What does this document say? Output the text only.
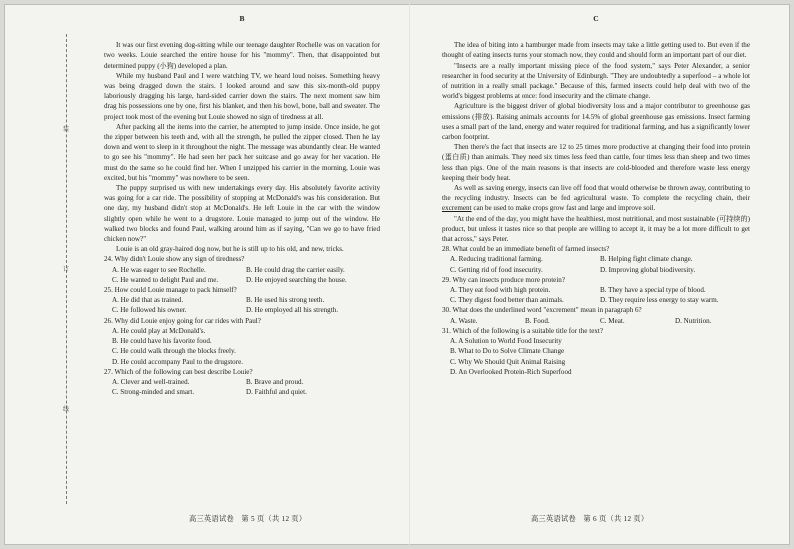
装
订
线
B

It was our first evening dog-sitting while our teenage daughter Rochelle was on vacation for two weeks. Louie searched the entire house for his "mommy". Then, that disappointed but determined puppy (小狗) developed a plan.

While my husband Paul and I were watching TV, we heard loud noises. Something heavy was being dragged down the stairs. I looked around and saw this six-month-old puppy laboriously dragging his large, hard-sided carrier down the stairs. The next moment saw him drag his possessions one by one, first his blanket, and then his bowl, bone, ball and sweater. The project took most of the evening but Louie showed no sign of tiredness at all.

After packing all the items into the carrier, he attempted to jump inside. Once inside, he got the zipper between his teeth and, with all the strength, he pulled the zipper closed. Then he lay down and went to sleep in it throughout the night. The message was abundantly clear. He wanted to go see his "mommy". He had seen her pack her suitcase and go away for her vacation. He must do the same so he could find her. When I unzipped his carrier in the morning, Louie was excited, but his "mommy" was nowhere to be seen.

The puppy surprised us with new undertakings every day. His absolutely favorite activity was going for a car ride. The possibility of stopping at McDonald's was his consideration. But one day, my husband didn't stop at McDonald's. He left Louie in the car with the window slightly open while he went to a drugstore. Louie managed to jump out of the window. He walked two blocks and found Paul, walking around him as if saying, "Can we go to have fried chicken now?"

Louie is an old gray-haired dog now, but he is still up to his old, and new, tricks.

24. Why didn't Louie show any sign of tiredness?
A. He was eager to see Rochelle.	B. He could drag the carrier easily.
C. He wanted to delight Paul and me.	D. He enjoyed searching the house.
25. How could Louie manage to pack himself?
A. He did that as trained.	B. He used his strong teeth.
C. He followed his owner.	D. He employed all his strength.
26. Why did Louie enjoy going for car rides with Paul?
A. He could play at McDonald's.
B. He could have his favorite food.
C. He could walk through the blocks freely.
D. He could accompany Paul to the drugstore.
27. Which of the following can best describe Louie?
A. Clever and well-trained.	B. Brave and proud.
C. Strong-minded and smart.	D. Faithful and quiet.
高三英语试卷　第 5 页（共 12 页）
C

The idea of biting into a hamburger made from insects may take a little getting used to. But even if the thought of eating insects turns your stomach now, they could and should form an important part of our diet.

"Insects are a really important missing piece of the food system," says Peter Alexander, a senior researcher in food security at the University of Edinburgh. "They are undoubtedly a superfood – a whole lot of nutrition in a really small package." Because of this, farmed insects could help deal with two of the world's biggest problems at once: food insecurity and the climate change.

Agriculture is the biggest driver of global biodiversity loss and a major contributor to greenhouse gas emissions (排放). Raising animals accounts for 14.5% of global greenhouse gas emissions. Insect farming uses a small part of the land, energy and water required for traditional farming, and has a significantly lower carbon footprint.

Then there's the fact that insects are 12 to 25 times more productive at changing their food into protein (蛋白质) than animals. They need six times less feed than cattle, four times less than sheep and two times less than pigs. One of the main reasons is that insects are cold-blooded and therefore waste less energy keeping their body heat.

As well as saving energy, insects can live off food that would otherwise be thrown away, contributing to the recycling industry. Insects can be fed agricultural waste. To complete the recycling chain, their excrement can be used to make crops grow fast and large and improve soil.

"At the end of the day, you might have the healthiest, most nutritional, and most sustainable (可持续的) product, but unless it tastes nice so that people are willing to accept it, it may be a lot more difficult to get that across," says Peter.

28. What could be an immediate benefit of farmed insects?
A. Reducing traditional farming.	B. Helping fight climate change.
C. Getting rid of food insecurity.	D. Improving global biodiversity.
29. Why can insects produce more protein?
A. They eat food with high protein.	B. They have a special type of blood.
C. They digest food better than animals.	D. They require less energy to stay warm.
30. What does the underlined word "excrement" mean in paragraph 6?
A. Waste.	B. Food.	C. Meat.	D. Nutrition.
31. Which of the following is a suitable title for the text?
A. A Solution to World Food Insecurity
B. What to Do to Solve Climate Change
C. Why We Should Quit Animal Raising
D. An Overlooked Protein-Rich Superfood
高三英语试卷　第 6 页（共 12 页）
